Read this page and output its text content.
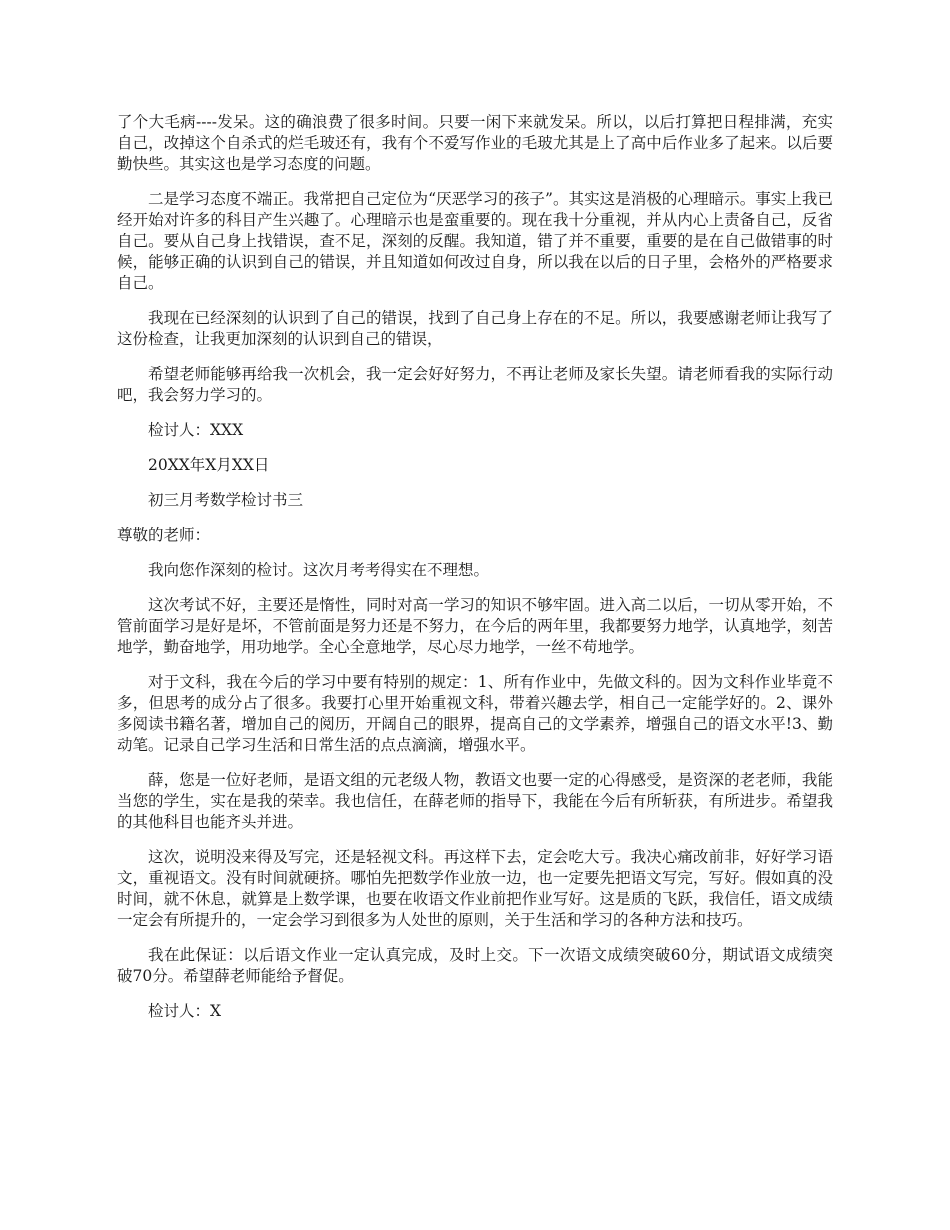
了个大毛病----发呆。这的确浪费了很多时间。只要一闲下来就发呆。所以，以后打算把日程排满，充实自己，改掉这个自杀式的烂毛玻还有，我有个不爱写作业的毛玻尤其是上了高中后作业多了起来。以后要勤快些。其实这也是学习态度的问题。

二是学习态度不端正。我常把自己定位为“厌恶学习的孩子”。其实这是消极的心理暗示。事实上我已经开始对许多的科目产生兴趣了。心理暗示也是蛮重要的。现在我十分重视，并从内心上责备自己，反省自己。要从自己身上找错误，查不足，深刻的反醒。我知道，错了并不重要，重要的是在自己做错事的时候，能够正确的认识到自己的错误，并且知道如何改过自身，所以我在以后的日子里，会格外的严格要求自己。

我现在已经深刻的认识到了自己的错误，找到了自己身上存在的不足。所以，我要感谢老师让我写了这份检查，让我更加深刻的认识到自己的错误，

希望老师能够再给我一次机会，我一定会好好努力，不再让老师及家长失望。请老师看我的实际行动吧，我会努力学习的。

检讨人：XXX

20XX年X月XX日

初三月考数学检讨书三

尊敬的老师：

我向您作深刻的检讨。这次月考考得实在不理想。

这次考试不好，主要还是惰性，同时对高一学习的知识不够牢固。进入高二以后，一切从零开始，不管前面学习是好是坏，不管前面是努力还是不努力，在今后的两年里，我都要努力地学，认真地学，刻苦地学，勤奋地学，用功地学。全心全意地学，尽心尽力地学，一丝不苟地学。

对于文科，我在今后的学习中要有特别的规定：1、所有作业中，先做文科的。因为文科作业毕竟不多，但思考的成分占了很多。我要打心里开始重视文科，带着兴趣去学，相自己一定能学好的。2、课外多阅读书籍名著，增加自己的阅历，开阔自己的眼界，提高自己的文学素养，增强自己的语文水平!3、勤动笔。记录自己学习生活和日常生活的点点滴滴，增强水平。

薛，您是一位好老师，是语文组的元老级人物，教语文也要一定的心得感受，是资深的老老师，我能当您的学生，实在是我的荣幸。我也信任，在薛老师的指导下，我能在今后有所斩获，有所进步。希望我的其他科目也能齐头并进。

这次，说明没来得及写完，还是轻视文科。再这样下去，定会吃大亏。我决心痛改前非，好好学习语文，重视语文。没有时间就硬挤。哪怕先把数学作业放一边，也一定要先把语文写完，写好。假如真的没时间，就不休息，就算是上数学课，也要在收语文作业前把作业写好。这是质的飞跃，我信任，语文成绩一定会有所提升的，一定会学习到很多为人处世的原则，关于生活和学习的各种方法和技巧。

我在此保证：以后语文作业一定认真完成，及时上交。下一次语文成绩突破60分，期试语文成绩突破70分。希望薛老师能给予督促。

检讨人：X
